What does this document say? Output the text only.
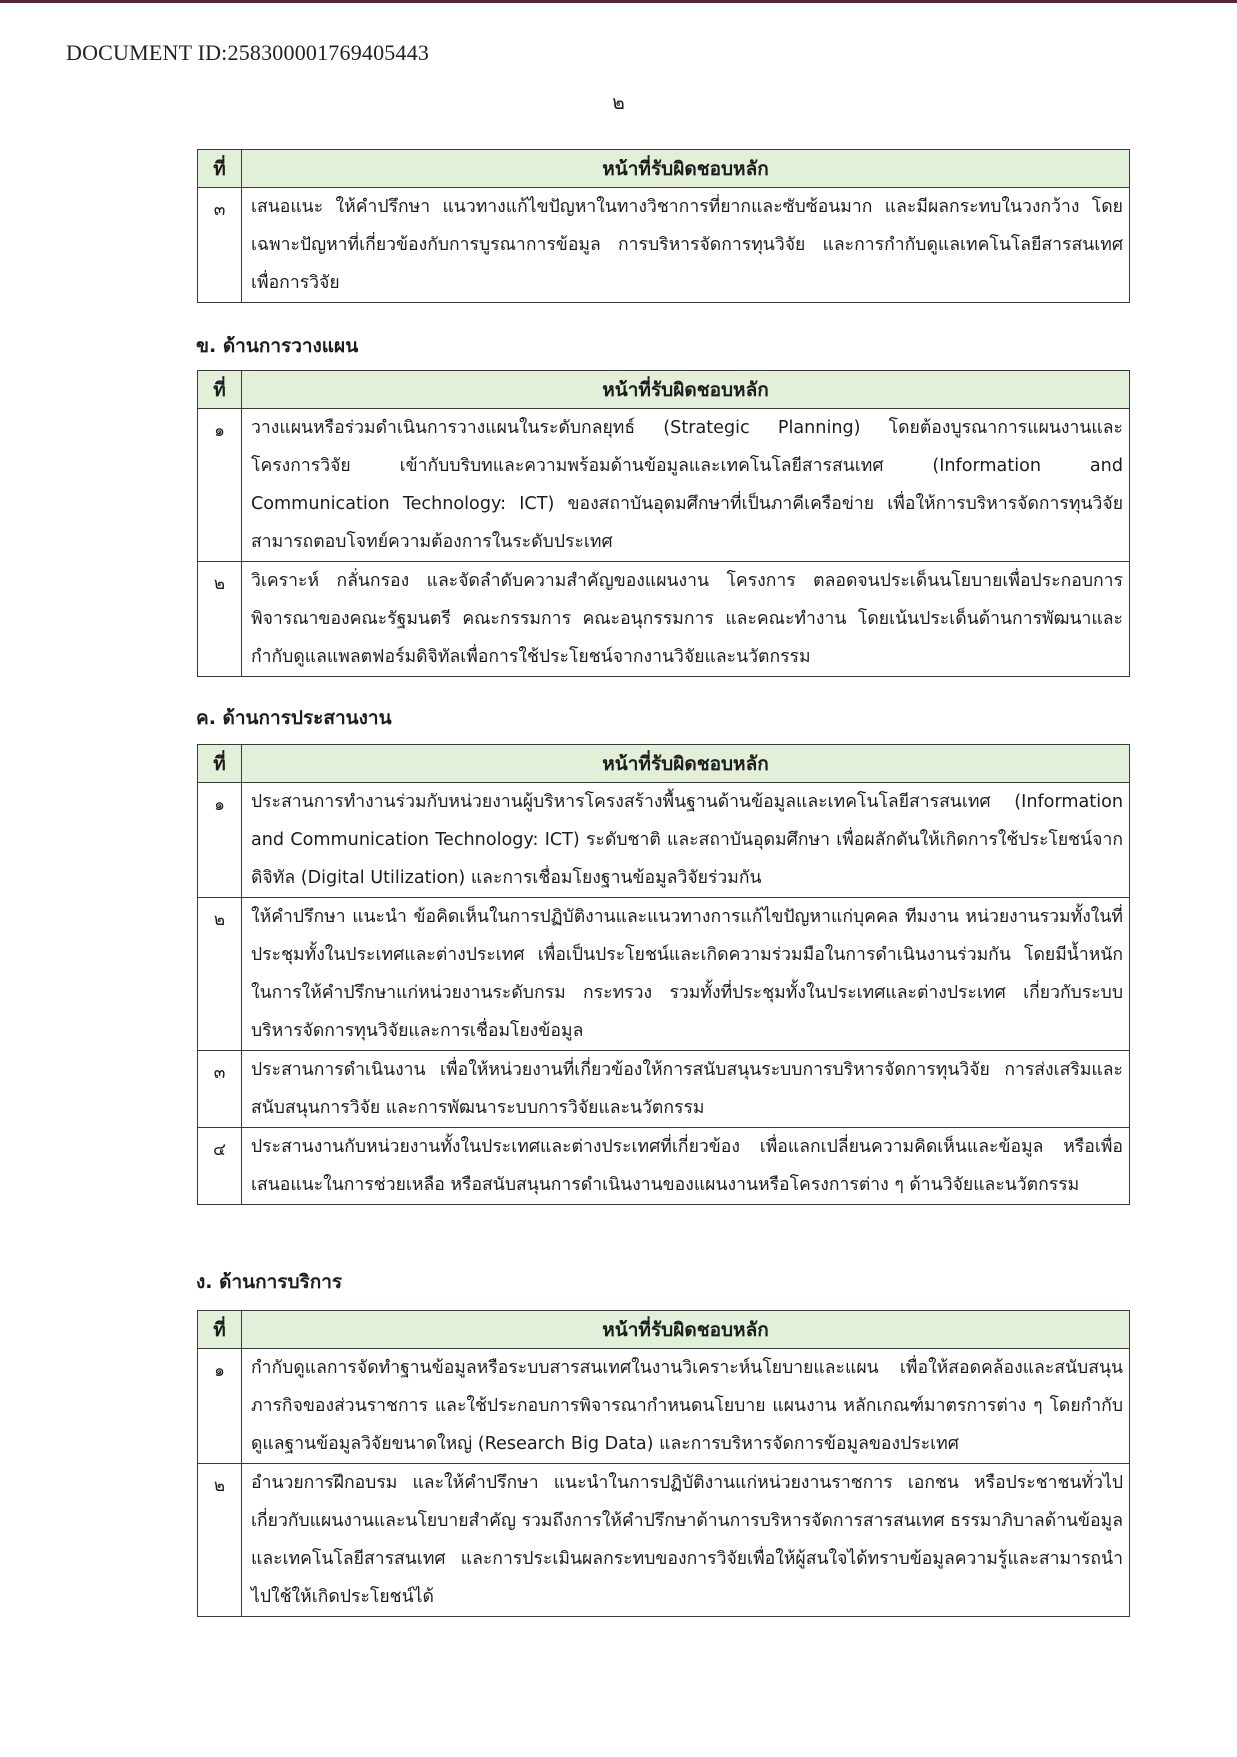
DOCUMENT ID:258300001769405443
๒
ที่	หน้าที่รับผิดชอบหลัก
๓	เสนอแนะ ให้คำปรึกษา แนวทางแก้ไขปัญหาในทางวิชาการที่ยากและซับซ้อนมาก และมีผลกระทบในวงกว้าง โดยเฉพาะปัญหาที่เกี่ยวข้องกับการบูรณาการข้อมูล การบริหารจัดการทุนวิจัย และการกำกับดูแลเทคโนโลยีสารสนเทศเพื่อการวิจัย
ข. ด้านการวางแผน
ที่	หน้าที่รับผิดชอบหลัก
๑	วางแผนหรือร่วมดำเนินการวางแผนในระดับกลยุทธ์ (Strategic Planning) โดยต้องบูรณาการแผนงานและโครงการวิจัย เข้ากับบริบทและความพร้อมด้านข้อมูลและเทคโนโลยีสารสนเทศ (Information and Communication Technology: ICT) ของสถาบันอุดมศึกษาที่เป็นภาคีเครือข่าย เพื่อให้การบริหารจัดการทุนวิจัยสามารถตอบโจทย์ความต้องการในระดับประเทศ
๒	วิเคราะห์ กลั่นกรอง และจัดลำดับความสำคัญของแผนงาน โครงการ ตลอดจนประเด็นนโยบายเพื่อประกอบการพิจารณาของคณะรัฐมนตรี คณะกรรมการ คณะอนุกรรมการ และคณะทำงาน โดยเน้นประเด็นด้านการพัฒนาและกำกับดูแลแพลตฟอร์มดิจิทัลเพื่อการใช้ประโยชน์จากงานวิจัยและนวัตกรรม
ค. ด้านการประสานงาน
ที่	หน้าที่รับผิดชอบหลัก
๑	ประสานการทำงานร่วมกับหน่วยงานผู้บริหารโครงสร้างพื้นฐานด้านข้อมูลและเทคโนโลยีสารสนเทศ (Information and Communication Technology: ICT) ระดับชาติ และสถาบันอุดมศึกษา เพื่อผลักดันให้เกิดการใช้ประโยชน์จากดิจิทัล (Digital Utilization) และการเชื่อมโยงฐานข้อมูลวิจัยร่วมกัน
๒	ให้คำปรึกษา แนะนำ ข้อคิดเห็นในการปฏิบัติงานและแนวทางการแก้ไขปัญหาแก่บุคคล ทีมงาน หน่วยงานรวมทั้งในที่ประชุมทั้งในประเทศและต่างประเทศ เพื่อเป็นประโยชน์และเกิดความร่วมมือในการดำเนินงานร่วมกัน โดยมีน้ำหนักในการให้คำปรึกษาแก่หน่วยงานระดับกรม กระทรวง รวมทั้งที่ประชุมทั้งในประเทศและต่างประเทศ เกี่ยวกับระบบบริหารจัดการทุนวิจัยและการเชื่อมโยงข้อมูล
๓	ประสานการดำเนินงาน เพื่อให้หน่วยงานที่เกี่ยวข้องให้การสนับสนุนระบบการบริหารจัดการทุนวิจัย การส่งเสริมและสนับสนุนการวิจัย และการพัฒนาระบบการวิจัยและนวัตกรรม
๔	ประสานงานกับหน่วยงานทั้งในประเทศและต่างประเทศที่เกี่ยวข้อง เพื่อแลกเปลี่ยนความคิดเห็นและข้อมูล หรือเพื่อเสนอแนะในการช่วยเหลือ หรือสนับสนุนการดำเนินงานของแผนงานหรือโครงการต่าง ๆ ด้านวิจัยและนวัตกรรม
ง. ด้านการบริการ
ที่	หน้าที่รับผิดชอบหลัก
๑	กำกับดูแลการจัดทำฐานข้อมูลหรือระบบสารสนเทศในงานวิเคราะห์นโยบายและแผน เพื่อให้สอดคล้องและสนับสนุนภารกิจของส่วนราชการ และใช้ประกอบการพิจารณากำหนดนโยบาย แผนงาน หลักเกณฑ์มาตรการต่าง ๆ โดยกำกับดูแลฐานข้อมูลวิจัยขนาดใหญ่ (Research Big Data) และการบริหารจัดการข้อมูลของประเทศ
๒	อำนวยการฝึกอบรม และให้คำปรึกษา แนะนำในการปฏิบัติงานแก่หน่วยงานราชการ เอกชน หรือประชาชนทั่วไป เกี่ยวกับแผนงานและนโยบายสำคัญ รวมถึงการให้คำปรึกษาด้านการบริหารจัดการสารสนเทศ ธรรมาภิบาลด้านข้อมูลและเทคโนโลยีสารสนเทศ และการประเมินผลกระทบของการวิจัยเพื่อให้ผู้สนใจได้ทราบข้อมูลความรู้และสามารถนำไปใช้ให้เกิดประโยชน์ได้
